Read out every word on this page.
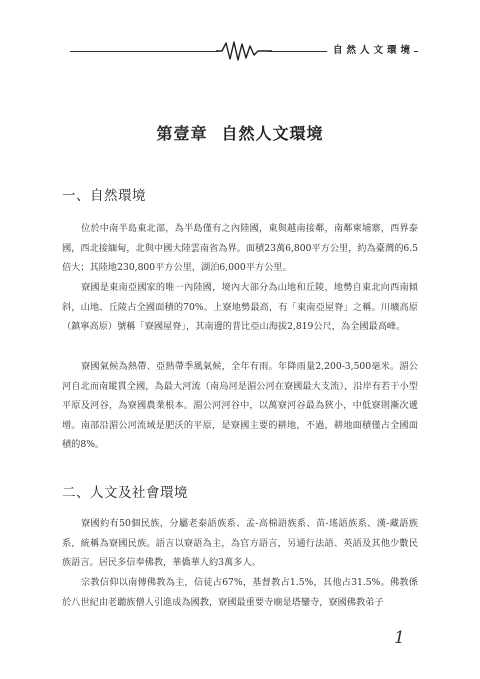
自然人文環境
第壹章 自然人文環境
一、自然環境

位於中南半島東北部，為半島僅有之內陸國，東與越南接鄰，南鄰柬埔寨，西界泰國，西北接緬甸，北與中國大陸雲南省為界。面積23萬6,800平方公里，約為臺灣的6.5倍大；其陸地230,800平方公里，湖泊6,000平方公里。

寮國是東南亞國家的唯一內陸國，境內大部分為山地和丘陵，地勢自東北向西南傾斜，山地、丘陵占全國面積的70%。上寮地勢最高，有「東南亞屋脊」之稱。川壙高原（鎮寧高原）號稱「寮國屋脊」，其南邊的普比亞山海拔2,819公尺，為全國最高峰。

寮國氣候為熱帶、亞熱帶季風氣候，全年有雨。年降雨量2,200-3,500毫米。湄公河自北而南縱貫全國，為最大河流（南烏河是湄公河在寮國最大支流），沿岸有若干小型平原及河谷，為寮國農業根本。湄公河河谷中，以萬寮河谷最為狹小，中低寮則漸次遞增。南部沿湄公河流域是肥沃的平原，是寮國主要的耕地，不過，耕地面積僅占全國面積的8%。

二、人文及社會環境

寮國約有50個民族，分屬老泰語族系、孟-高棉語族系、苗-瑤語族系、漢-藏語族系，統稱為寮國民族。語言以寮語為主，為官方語言，另通行法語、英語及其他少數民族語言。居民多信奉佛教，華僑華人約3萬多人。

宗教信仰以南傳佛教為主，信徒占67%，基督教占1.5%，其他占31.5%。佛教係於八世紀由老聽族僧人引進成為國教，寮國最重要寺廟是塔鑾寺，寮國佛教弟子

1
